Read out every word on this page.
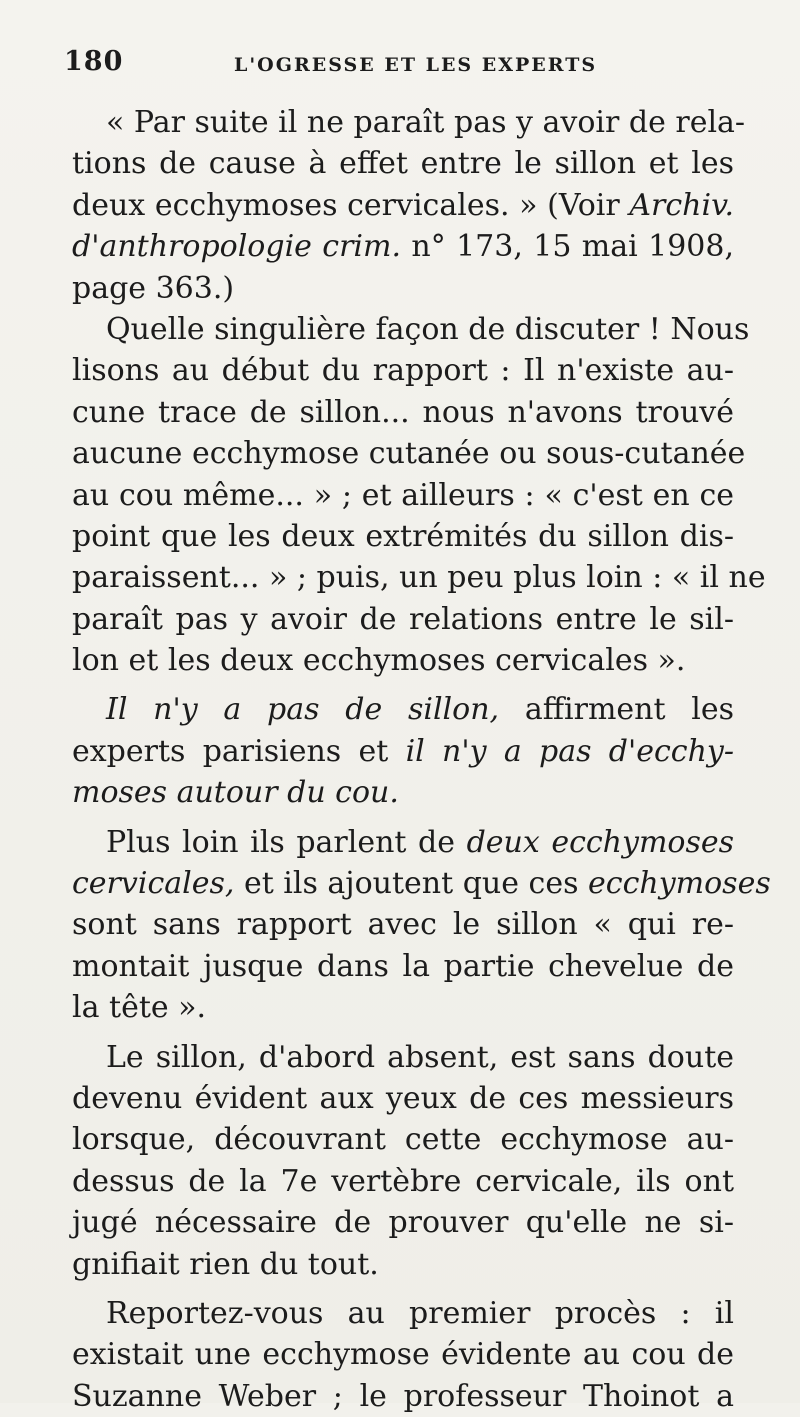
180	L'OGRESSE ET LES EXPERTS
« Par suite il ne paraît pas y avoir de rela-
tions de cause à effet entre le sillon et les
deux ecchymoses cervicales. » (Voir Archiv.
d'anthropologie crim. n° 173, 15 mai 1908,
page 363.)
Quelle singulière façon de discuter ! Nous
lisons au début du rapport : Il n'existe au-
cune trace de sillon... nous n'avons trouvé
aucune ecchymose cutanée ou sous-cutanée
au cou même... » ; et ailleurs : « c'est en ce
point que les deux extrémités du sillon dis-
paraissent... » ; puis, un peu plus loin : « il ne
paraît pas y avoir de relations entre le sil-
lon et les deux ecchymoses cervicales ».
Il n'y a pas de sillon, affirment les
experts parisiens et il n'y a pas d'ecchy-
moses autour du cou.
Plus loin ils parlent de deux ecchymoses
cervicales, et ils ajoutent que ces ecchymoses
sont sans rapport avec le sillon « qui re-
montait jusque dans la partie chevelue de
la tête ».
Le sillon, d'abord absent, est sans doute
devenu évident aux yeux de ces messieurs
lorsque, découvrant cette ecchymose au-
dessus de la 7e vertèbre cervicale, ils ont
jugé nécessaire de prouver qu'elle ne si-
gnifiait rien du tout.
Reportez-vous au premier procès : il
existait une ecchymose évidente au cou de
Suzanne Weber ; le professeur Thoinot a
